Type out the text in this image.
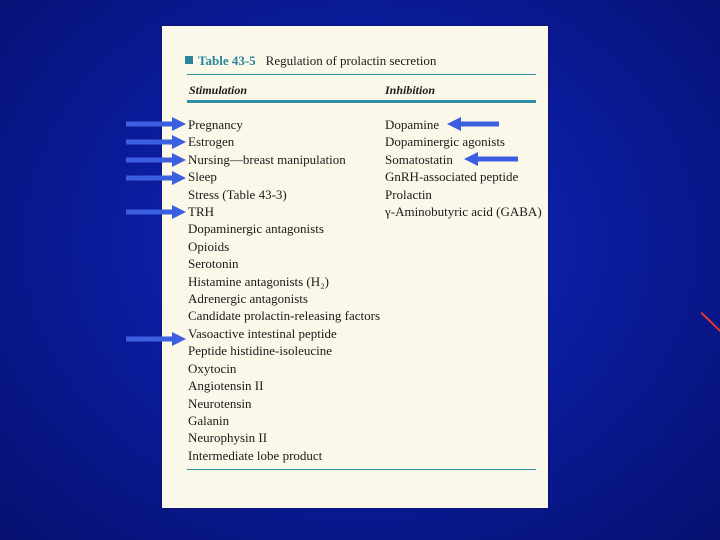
Table 43-5 Regulation of prolactin secretion
Stimulation	Inhibition
Pregnancy
Estrogen
Nursing—breast manipulation
Sleep
Stress (Table 43-3)
TRH
Dopaminergic antagonists
Opioids
Serotonin
Histamine antagonists (H₂)
Adrenergic antagonists
Candidate prolactin-releasing factors
Vasoactive intestinal peptide
Peptide histidine-isoleucine
Oxytocin
Angiotensin II
Neurotensin
Galanin
Neurophysin II
Intermediate lobe product
Dopamine
Dopaminergic agonists
Somatostatin
GnRH-associated peptide
Prolactin
γ-Aminobutyric acid (GABA)
